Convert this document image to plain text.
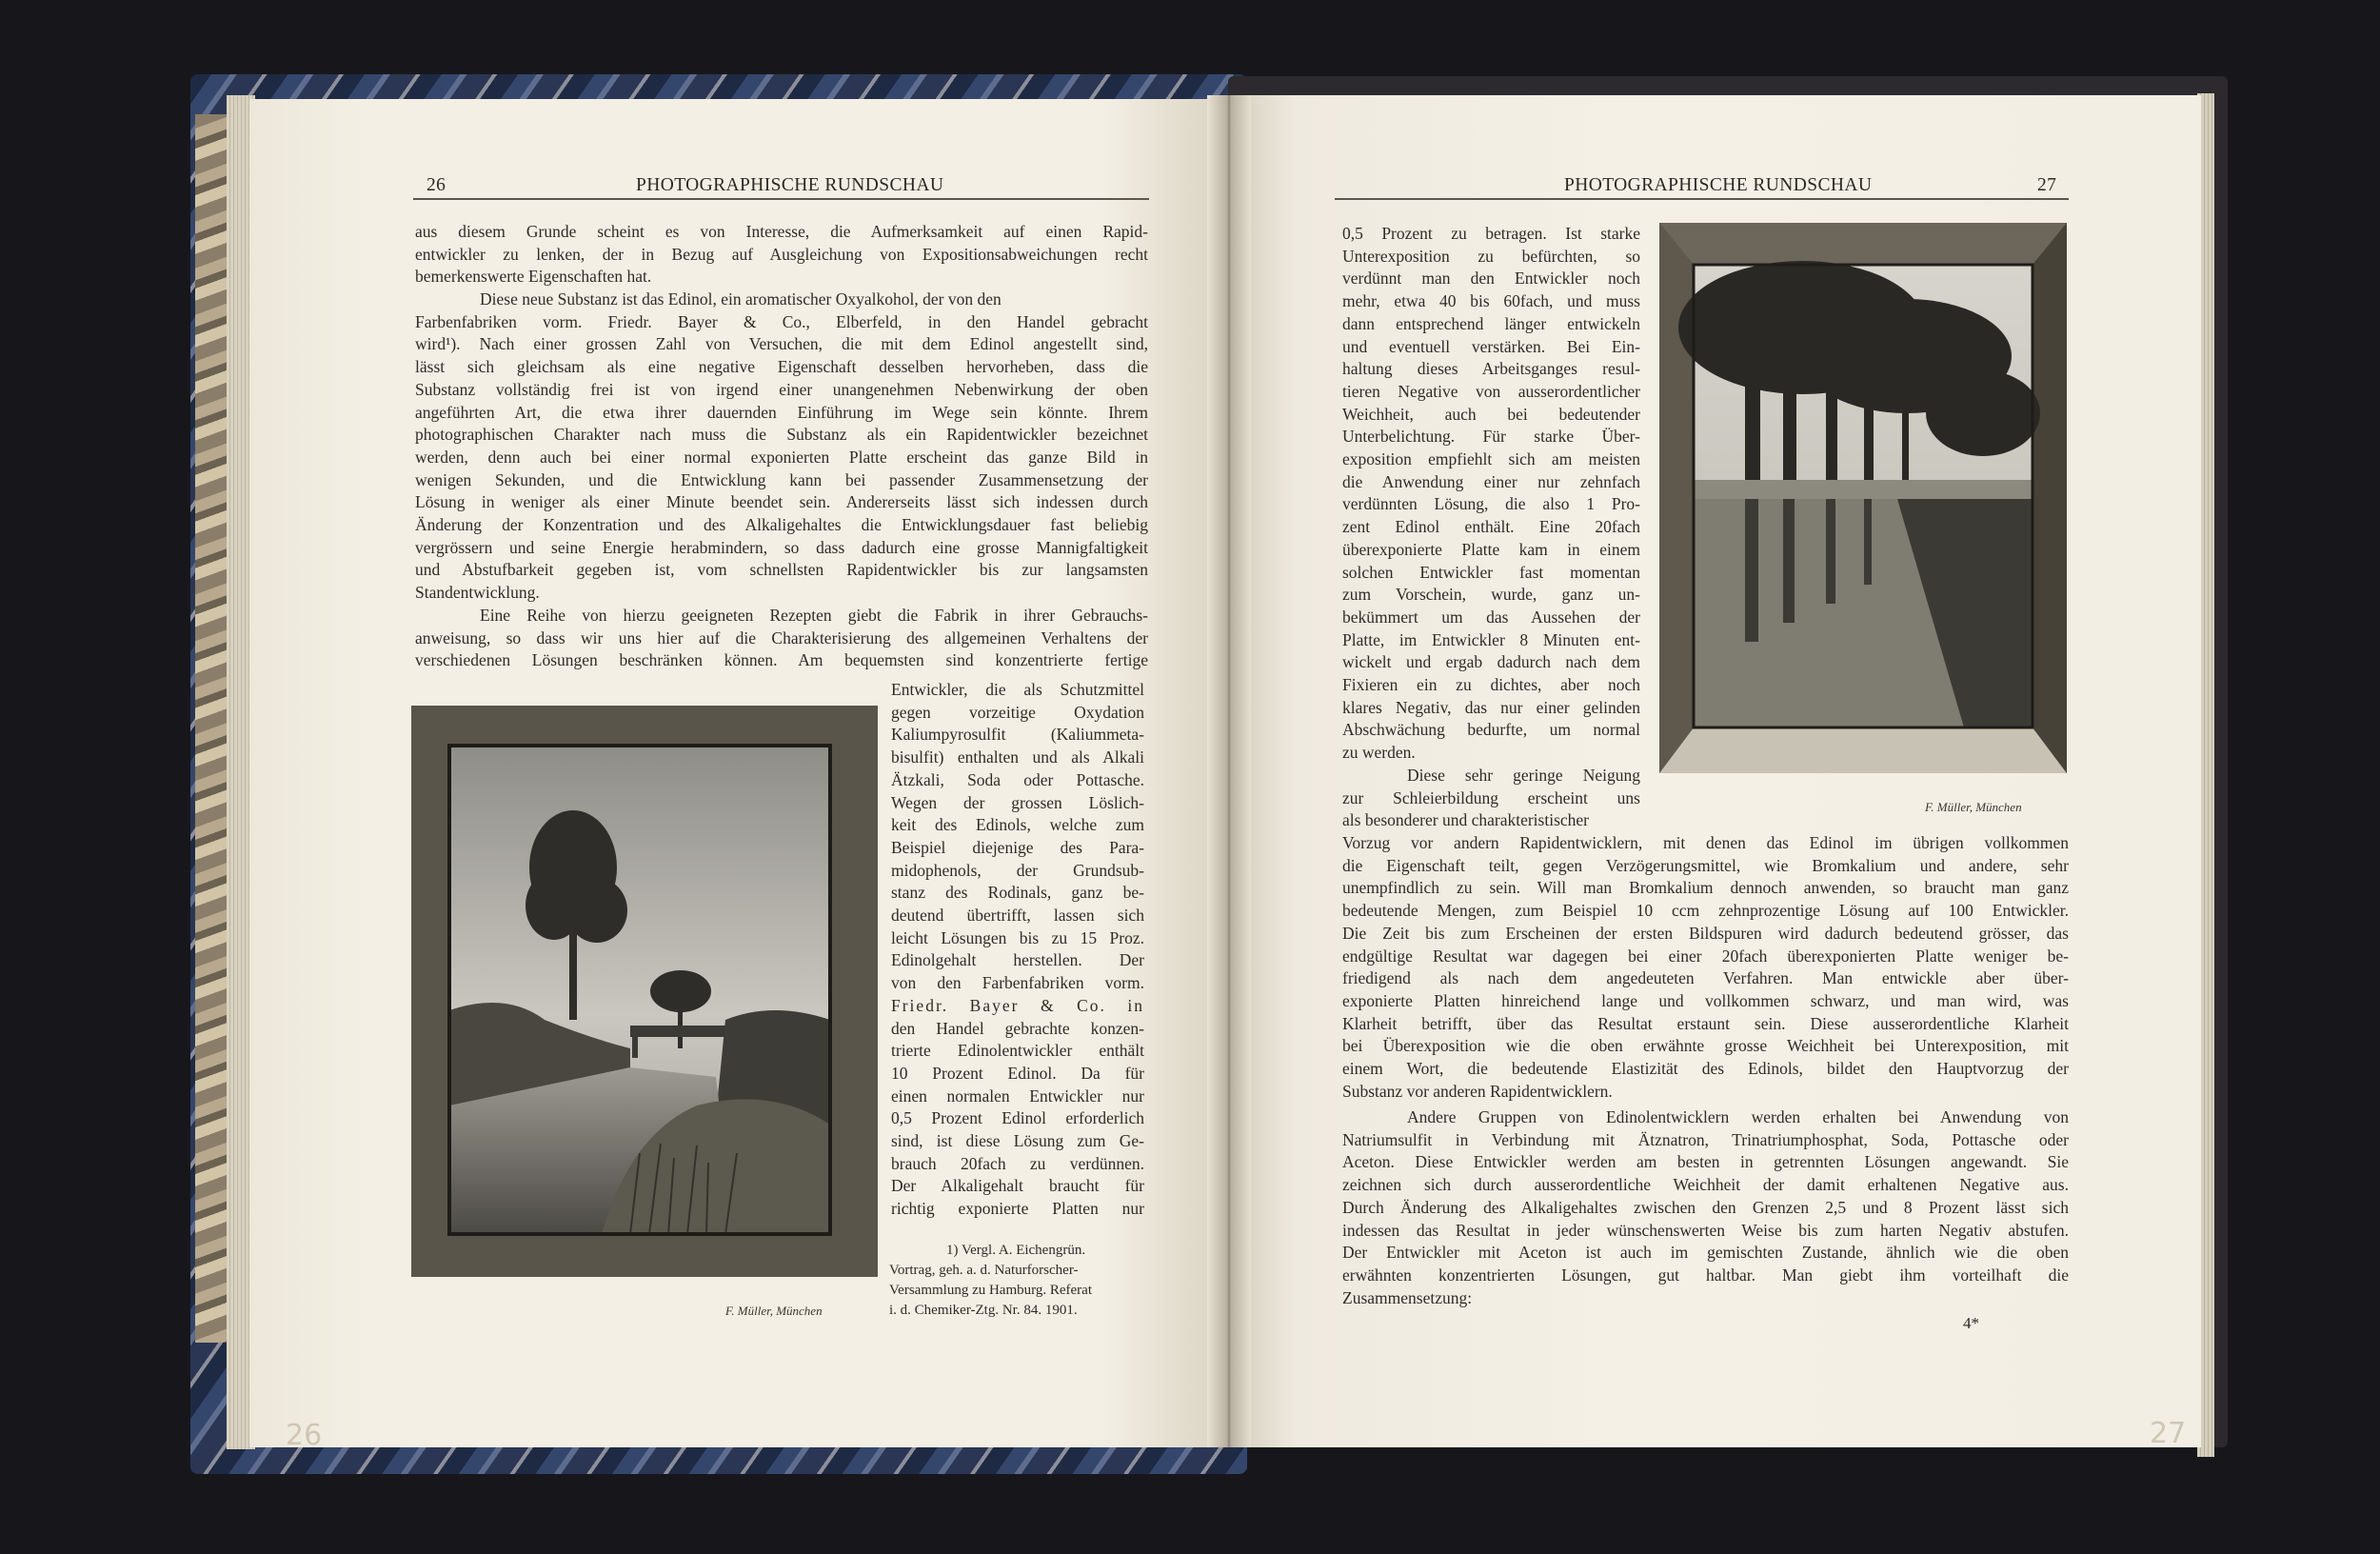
26	PHOTOGRAPHISCHE RUNDSCHAU
aus diesem Grunde scheint es von Interesse, die Aufmerksamkeit auf einen Rapid-
entwickler zu lenken, der in Bezug auf Ausgleichung von Expositionsabweichungen recht
bemerkenswerte Eigenschaften hat.
Diese neue Substanz ist das Edinol, ein aromatischer Oxyalkohol, der von den
Farbenfabriken vorm. Friedr. Bayer & Co., Elberfeld, in den Handel gebracht
wird¹). Nach einer grossen Zahl von Versuchen, die mit dem Edinol angestellt sind,
lässt sich gleichsam als eine negative Eigenschaft desselben hervorheben, dass die
Substanz vollständig frei ist von irgend einer unangenehmen Nebenwirkung der oben
angeführten Art, die etwa ihrer dauernden Einführung im Wege sein könnte. Ihrem
photographischen Charakter nach muss die Substanz als ein Rapidentwickler bezeichnet
werden, denn auch bei einer normal exponierten Platte erscheint das ganze Bild in
wenigen Sekunden, und die Entwicklung kann bei passender Zusammensetzung der
Lösung in weniger als einer Minute beendet sein. Andererseits lässt sich indessen durch
Änderung der Konzentration und des Alkaligehaltes die Entwicklungsdauer fast beliebig
vergrössern und seine Energie herabmindern, so dass dadurch eine grosse Mannigfaltigkeit
und Abstufbarkeit gegeben ist, vom schnellsten Rapidentwickler bis zur langsamsten
Standentwicklung.
Eine Reihe von hierzu geeigneten Rezepten giebt die Fabrik in ihrer Gebrauchs-
anweisung, so dass wir uns hier auf die Charakterisierung des allgemeinen Verhaltens der
verschiedenen Lösungen beschränken können. Am bequemsten sind konzentrierte fertige
F. Müller, München
Entwickler, die als Schutzmittel
gegen vorzeitige Oxydation
Kaliumpyrosulfit (Kaliummeta-
bisulfit) enthalten und als Alkali
Ätzkali, Soda oder Pottasche.
Wegen der grossen Löslich-
keit des Edinols, welche zum
Beispiel diejenige des Para-
midophenols, der Grundsub-
stanz des Rodinals, ganz be-
deutend übertrifft, lassen sich
leicht Lösungen bis zu 15 Proz.
Edinolgehalt herstellen. Der
von den Farbenfabriken vorm.
Friedr. Bayer & Co. in
den Handel gebrachte konzen-
trierte Edinolentwickler enthält
10 Prozent Edinol. Da für
einen normalen Entwickler nur
0,5 Prozent Edinol erforderlich
sind, ist diese Lösung zum Ge-
brauch 20fach zu verdünnen.
Der Alkaligehalt braucht für
richtig exponierte Platten nur
1) Vergl. A. Eichengrün.
Vortrag, geh. a. d. Naturforscher-
Versammlung zu Hamburg. Referat
i. d. Chemiker-Ztg. Nr. 84. 1901.
26
PHOTOGRAPHISCHE RUNDSCHAU	27
F. Müller, München
0,5 Prozent zu betragen. Ist starke
Unterexposition zu befürchten, so
verdünnt man den Entwickler noch
mehr, etwa 40 bis 60fach, und muss
dann entsprechend länger entwickeln
und eventuell verstärken. Bei Ein-
haltung dieses Arbeitsganges resul-
tieren Negative von ausserordentlicher
Weichheit, auch bei bedeutender
Unterbelichtung. Für starke Über-
exposition empfiehlt sich am meisten
die Anwendung einer nur zehnfach
verdünnten Lösung, die also 1 Pro-
zent Edinol enthält. Eine 20fach
überexponierte Platte kam in einem
solchen Entwickler fast momentan
zum Vorschein, wurde, ganz un-
bekümmert um das Aussehen der
Platte, im Entwickler 8 Minuten ent-
wickelt und ergab dadurch nach dem
Fixieren ein zu dichtes, aber noch
klares Negativ, das nur einer gelinden
Abschwächung bedurfte, um normal
zu werden.
Diese sehr geringe Neigung
zur Schleierbildung erscheint uns
als besonderer und charakteristischer
Vorzug vor andern Rapidentwicklern, mit denen das Edinol im übrigen vollkommen
die Eigenschaft teilt, gegen Verzögerungsmittel, wie Bromkalium und andere, sehr
unempfindlich zu sein. Will man Bromkalium dennoch anwenden, so braucht man ganz
bedeutende Mengen, zum Beispiel 10 ccm zehnprozentige Lösung auf 100 Entwickler.
Die Zeit bis zum Erscheinen der ersten Bildspuren wird dadurch bedeutend grösser, das
endgültige Resultat war dagegen bei einer 20fach überexponierten Platte weniger be-
friedigend als nach dem angedeuteten Verfahren. Man entwickle aber über-
exponierte Platten hinreichend lange und vollkommen schwarz, und man wird, was
Klarheit betrifft, über das Resultat erstaunt sein. Diese ausserordentliche Klarheit
bei Überexposition wie die oben erwähnte grosse Weichheit bei Unterexposition, mit
einem Wort, die bedeutende Elastizität des Edinols, bildet den Hauptvorzug der
Substanz vor anderen Rapidentwicklern.
Andere Gruppen von Edinolentwicklern werden erhalten bei Anwendung von
Natriumsulfit in Verbindung mit Ätznatron, Trinatriumphosphat, Soda, Pottasche oder
Aceton. Diese Entwickler werden am besten in getrennten Lösungen angewandt. Sie
zeichnen sich durch ausserordentliche Weichheit der damit erhaltenen Negative aus.
Durch Änderung des Alkaligehaltes zwischen den Grenzen 2,5 und 8 Prozent lässt sich
indessen das Resultat in jeder wünschenswerten Weise bis zum harten Negativ abstufen.
Der Entwickler mit Aceton ist auch im gemischten Zustande, ähnlich wie die oben
erwähnten konzentrierten Lösungen, gut haltbar. Man giebt ihm vorteilhaft die
Zusammensetzung:
4*
27
